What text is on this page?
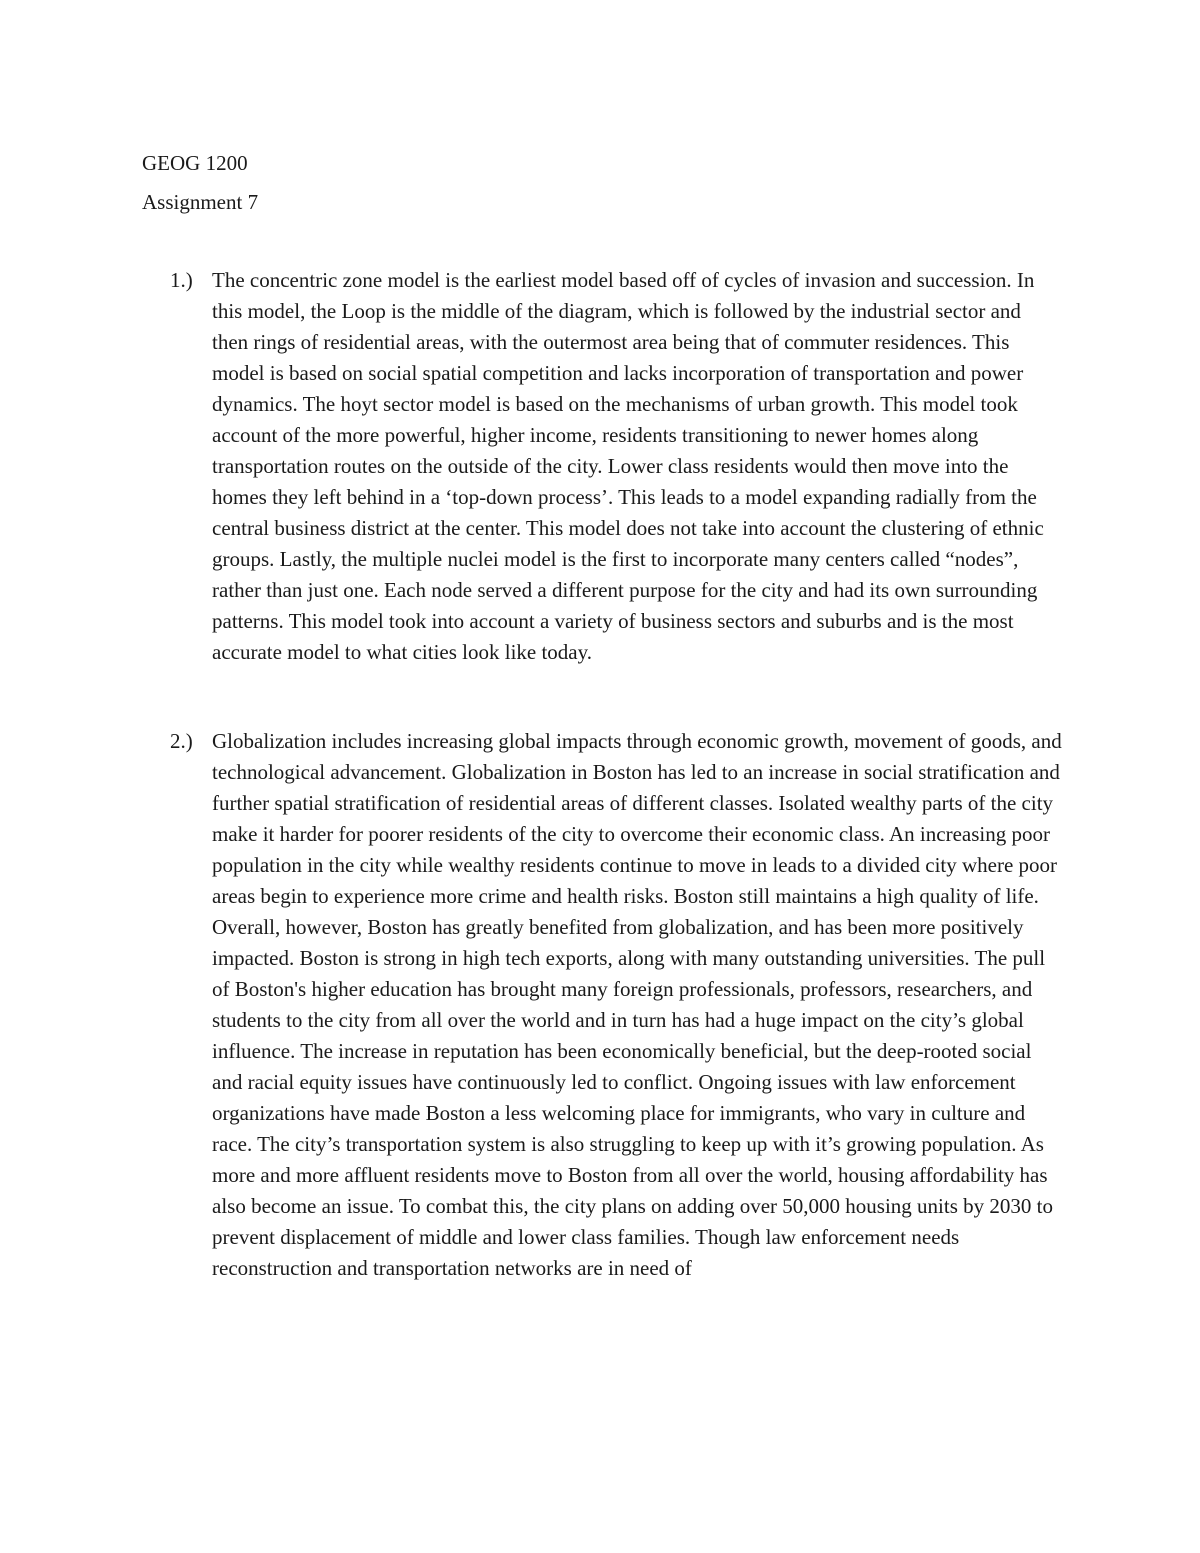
GEOG 1200
Assignment 7
1.) The concentric zone model is the earliest model based off of cycles of invasion and succession. In this model, the Loop is the middle of the diagram, which is followed by the industrial sector and then rings of residential areas, with the outermost area being that of commuter residences. This model is based on social spatial competition and lacks incorporation of transportation and power dynamics. The hoyt sector model is based on the mechanisms of urban growth. This model took account of the more powerful, higher income, residents transitioning to newer homes along transportation routes on the outside of the city. Lower class residents would then move into the homes they left behind in a ‘top-down process’. This leads to a model expanding radially from the central business district at the center. This model does not take into account the clustering of ethnic groups. Lastly, the multiple nuclei model is the first to incorporate many centers called “nodes”, rather than just one. Each node served a different purpose for the city and had its own surrounding patterns. This model took into account a variety of business sectors and suburbs and is the most accurate model to what cities look like today.
2.) Globalization includes increasing global impacts through economic growth, movement of goods, and technological advancement. Globalization in Boston has led to an increase in social stratification and further spatial stratification of residential areas of different classes. Isolated wealthy parts of the city make it harder for poorer residents of the city to overcome their economic class. An increasing poor population in the city while wealthy residents continue to move in leads to a divided city where poor areas begin to experience more crime and health risks. Boston still maintains a high quality of life. Overall, however, Boston has greatly benefited from globalization, and has been more positively impacted. Boston is strong in high tech exports, along with many outstanding universities. The pull of Boston's higher education has brought many foreign professionals, professors, researchers, and students to the city from all over the world and in turn has had a huge impact on the city’s global influence. The increase in reputation has been economically beneficial, but the deep-rooted social and racial equity issues have continuously led to conflict. Ongoing issues with law enforcement organizations have made Boston a less welcoming place for immigrants, who vary in culture and race. The city’s transportation system is also struggling to keep up with it’s growing population. As more and more affluent residents move to Boston from all over the world, housing affordability has also become an issue. To combat this, the city plans on adding over 50,000 housing units by 2030 to prevent displacement of middle and lower class families. Though law enforcement needs reconstruction and transportation networks are in need of
